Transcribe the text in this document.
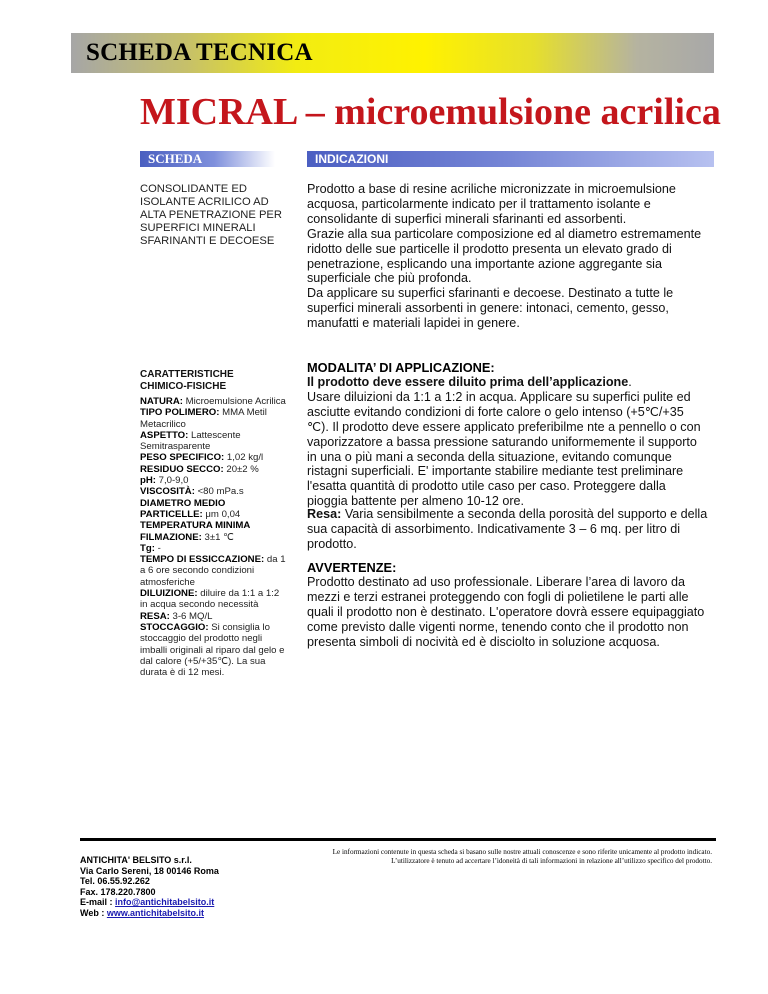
SCHEDA TECNICA
MICRAL – microemulsione acrilica
SCHEDA	INDICAZIONI
CONSOLIDANTE ED ISOLANTE ACRILICO AD ALTA PENETRAZIONE PER SUPERFICI MINERALI SFARINANTI E DECOESE
Prodotto a base di resine acriliche micronizzate in microemulsione acquosa, particolarmente indicato per il trattamento isolante e consolidante di superfici minerali sfarinanti ed assorbenti.
Grazie alla sua particolare composizione ed al diametro estremamente ridotto delle sue particelle il prodotto presenta un elevato grado di penetrazione, esplicando una importante azione aggregante sia superficiale che più profonda.
Da applicare su superfici sfarinanti e decoese. Destinato a tutte le superfici minerali assorbenti in genere: intonaci, cemento, gesso, manufatti e materiali lapidei in genere.
CARATTERISTICHE CHIMICO-FISICHE
NATURA: Microemulsione Acrilica
TIPO POLIMERO: MMA Metil Metacrilico
ASPETTO: Lattescente Semitrasparente
PESO SPECIFICO: 1,02 kg/l
RESIDUO SECCO: 20±2 %
pH: 7,0-9,0
VISCOSITÀ: <80 mPa.s
DIAMETRO MEDIO PARTICELLE: μm 0,04
TEMPERATURA MINIMA FILMAZIONE: 3±1 ℃
Tg: -
TEMPO DI ESSICCAZIONE: da 1 a 6 ore secondo condizioni atmosferiche
DILUIZIONE: diluire da 1:1 a 1:2 in acqua secondo necessità
RESA: 3-6 MQ/L
STOCCAGGIO: Si consiglia lo stoccaggio del prodotto negli imballi originali al riparo dal gelo e dal calore (+5/+35℃). La sua durata è di 12 mesi.
MODALITA’ DI APPLICAZIONE:
Il prodotto deve essere diluito prima dell’applicazione.
Usare diluizioni da 1:1 a 1:2 in acqua. Applicare su superfici pulite ed asciutte evitando condizioni di forte calore o gelo intenso (+5℃/+35 ℃). Il prodotto deve essere applicato preferibilme nte a pennello o con vaporizzatore a bassa pressione saturando uniformemente il supporto in una o più mani a seconda della situazione, evitando comunque ristagni superficiali. E' importante stabilire mediante test preliminare l'esatta quantità di prodotto utile caso per caso. Proteggere dalla pioggia battente per almeno 10-12 ore.
Resa: Varia sensibilmente a seconda della porosità del supporto e della sua capacità di assorbimento. Indicativamente 3 – 6 mq. per litro di prodotto.
AVVERTENZE:
Prodotto destinato ad uso professionale. Liberare l’area di lavoro da mezzi e terzi estranei proteggendo con fogli di polietilene le parti alle quali il prodotto non è destinato. L'operatore dovrà essere equipaggiato come previsto dalle vigenti norme, tenendo conto che il prodotto non presenta simboli di nocività ed è disciolto in soluzione acquosa.
ANTICHITA' BELSITO s.r.l.
Via Carlo Sereni, 18 00146 Roma
Tel. 06.55.92.262
Fax. 178.220.7800
E-mail : info@antichitabelsito.it
Web : www.antichitabelsito.it
Le informazioni contenute in questa scheda si basano sulle nostre attuali conoscenze e sono riferite unicamente al prodotto indicato.
L’utilizzatore è tenuto ad accertare l’idoneità di tali informazioni in relazione all’utilizzo specifico del prodotto.
